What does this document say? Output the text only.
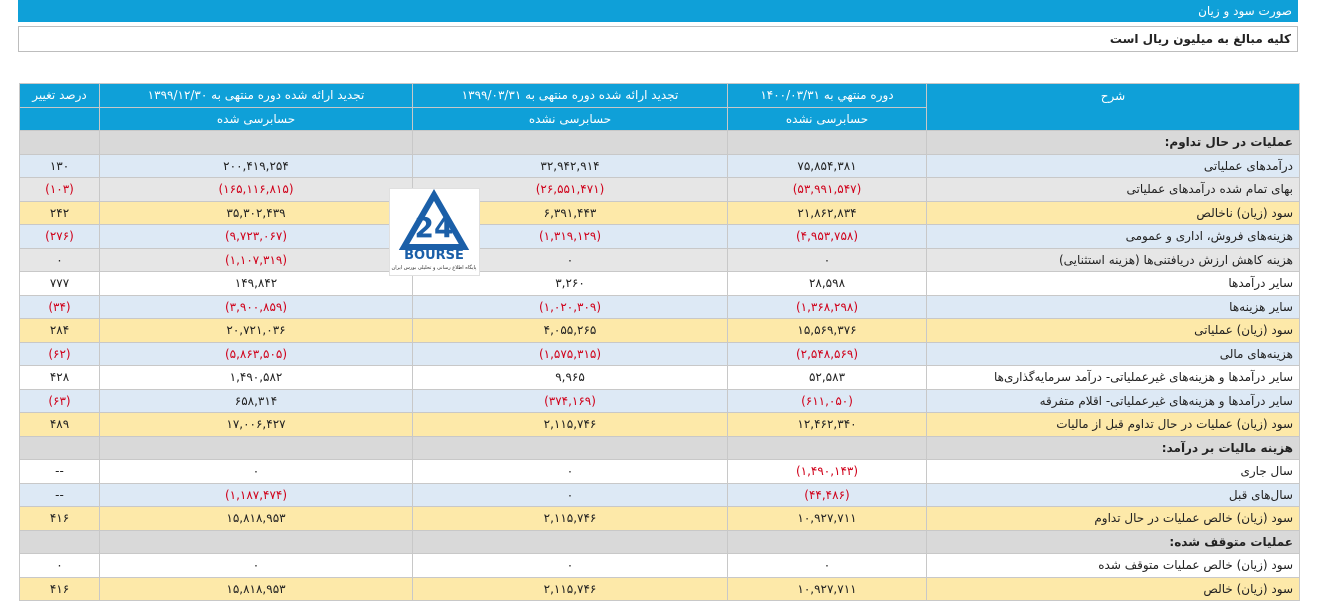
صورت سود و زیان
کلیه مبالغ به میلیون ریال است
درصد تغییر	تجدید ارائه شده دوره منتهی به ۱۳۹۹/۱۲/۳۰	تجدید ارائه شده دوره منتهی به ۱۳۹۹/۰۳/۳۱	دوره منتهي به ۱۴۰۰/۰۳/۳۱	شرح
	حسابرسی شده	حسابرسی نشده	حسابرسی نشده	
				عملیات در حال تداوم:
۱۳۰	۲۰۰,۴۱۹,۲۵۴	۳۲,۹۴۲,۹۱۴	۷۵,۸۵۴,۳۸۱	درآمدهای عملیاتی
(۱۰۳)	(۱۶۵,۱۱۶,۸۱۵)	(۲۶,۵۵۱,۴۷۱)	(۵۳,۹۹۱,۵۴۷)	بهای تمام شده درآمدهای عملیاتی
۲۴۲	۳۵,۳۰۲,۴۳۹	۶,۳۹۱,۴۴۳	۲۱,۸۶۲,۸۳۴	سود (زیان) ناخالص
(۲۷۶)	(۹,۷۲۳,۰۶۷)	(۱,۳۱۹,۱۲۹)	(۴,۹۵۳,۷۵۸)	هزینه‌های فروش، اداری و عمومی
۰	(۱,۱۰۷,۳۱۹)	۰	۰	هزینه کاهش ارزش دریافتنی‌ها (هزینه استثنایی)
۷۷۷	۱۴۹,۸۴۲	۳,۲۶۰	۲۸,۵۹۸	سایر درآمدها
(۳۴)	(۳,۹۰۰,۸۵۹)	(۱,۰۲۰,۳۰۹)	(۱,۳۶۸,۲۹۸)	سایر هزینه‌ها
۲۸۴	۲۰,۷۲۱,۰۳۶	۴,۰۵۵,۲۶۵	۱۵,۵۶۹,۳۷۶	سود (زیان) عملیاتی
(۶۲)	(۵,۸۶۳,۵۰۵)	(۱,۵۷۵,۳۱۵)	(۲,۵۴۸,۵۶۹)	هزینه‌های مالی
۴۲۸	۱,۴۹۰,۵۸۲	۹,۹۶۵	۵۲,۵۸۳	سایر درآمدها و هزینه‌های غیرعملیاتی- درآمد سرمایه‌گذاری‌ها
(۶۳)	۶۵۸,۳۱۴	(۳۷۴,۱۶۹)	(۶۱۱,۰۵۰)	سایر درآمدها و هزینه‌های غیرعملیاتی- اقلام متفرقه
۴۸۹	۱۷,۰۰۶,۴۲۷	۲,۱۱۵,۷۴۶	۱۲,۴۶۲,۳۴۰	سود (زیان) عملیات در حال تداوم قبل از مالیات
				هزینه مالیات بر درآمد:
--	۰	۰	(۱,۴۹۰,۱۴۳)	سال جاری
--	(۱,۱۸۷,۴۷۴)	۰	(۴۴,۴۸۶)	سال‌های قبل
۴۱۶	۱۵,۸۱۸,۹۵۳	۲,۱۱۵,۷۴۶	۱۰,۹۲۷,۷۱۱	سود (زیان) خالص عملیات در حال تداوم
				عملیات متوقف شده:
۰	۰	۰	۰	سود (زیان) خالص عملیات متوقف شده
۴۱۶	۱۵,۸۱۸,۹۵۳	۲,۱۱۵,۷۴۶	۱۰,۹۲۷,۷۱۱	سود (زیان) خالص
24
BOURSE
پایگاه اطلاع رسانی و تحلیلی بورس ایران
